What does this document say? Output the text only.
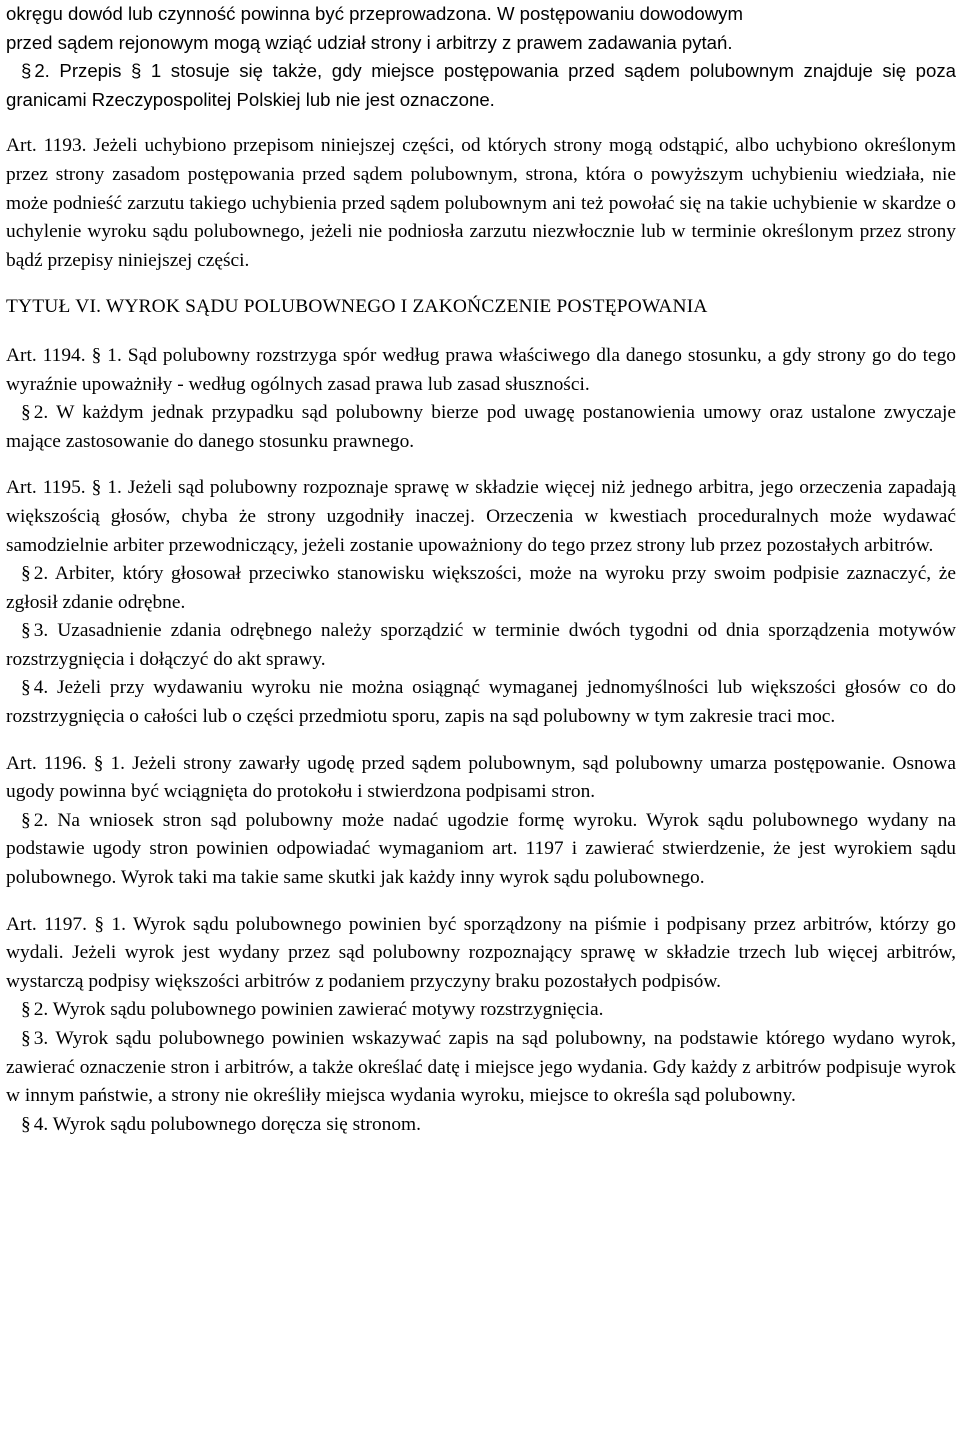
okręgu dowód lub czynność powinna być przeprowadzona. W postępowaniu dowodowym

przed sądem rejonowym mogą wziąć udział strony i arbitrzy z prawem zadawania pytań.

§ 2. Przepis § 1 stosuje się także, gdy miejsce postępowania przed sądem polubownym znajduje się poza granicami Rzeczypospolitej Polskiej lub nie jest oznaczone.

Art. 1193. Jeżeli uchybiono przepisom niniejszej części, od których strony mogą odstąpić, albo uchybiono określonym przez strony zasadom postępowania przed sądem polubownym, strona, która o powyższym uchybieniu wiedziała, nie może podnieść zarzutu takiego uchybienia przed sądem polubownym ani też powołać się na takie uchybienie w skardze o uchylenie wyroku sądu polubownego, jeżeli nie podniosła zarzutu niezwłocznie lub w terminie określonym przez strony bądź przepisy niniejszej części.

TYTUŁ VI. WYROK SĄDU POLUBOWNEGO I ZAKOŃCZENIE POSTĘPOWANIA

Art. 1194. § 1. Sąd polubowny rozstrzyga spór według prawa właściwego dla danego stosunku, a gdy strony go do tego wyraźnie upoważniły - według ogólnych zasad prawa lub zasad słuszności.

§ 2. W każdym jednak przypadku sąd polubowny bierze pod uwagę postanowienia umowy oraz ustalone zwyczaje mające zastosowanie do danego stosunku prawnego.

Art. 1195. § 1. Jeżeli sąd polubowny rozpoznaje sprawę w składzie więcej niż jednego arbitra, jego orzeczenia zapadają większością głosów, chyba że strony uzgodniły inaczej. Orzeczenia w kwestiach proceduralnych może wydawać samodzielnie arbiter przewodniczący, jeżeli zostanie upoważniony do tego przez strony lub przez pozostałych arbitrów.

§ 2. Arbiter, który głosował przeciwko stanowisku większości, może na wyroku przy swoim podpisie zaznaczyć, że zgłosił zdanie odrębne.

§ 3. Uzasadnienie zdania odrębnego należy sporządzić w terminie dwóch tygodni od dnia sporządzenia motywów rozstrzygnięcia i dołączyć do akt sprawy.

§ 4. Jeżeli przy wydawaniu wyroku nie można osiągnąć wymaganej jednomyślności lub większości głosów co do rozstrzygnięcia o całości lub o części przedmiotu sporu, zapis na sąd polubowny w tym zakresie traci moc.

Art. 1196. § 1. Jeżeli strony zawarły ugodę przed sądem polubownym, sąd polubowny umarza postępowanie. Osnowa ugody powinna być wciągnięta do protokołu i stwierdzona podpisami stron.

§ 2. Na wniosek stron sąd polubowny może nadać ugodzie formę wyroku. Wyrok sądu polubownego wydany na podstawie ugody stron powinien odpowiadać wymaganiom art. 1197 i zawierać stwierdzenie, że jest wyrokiem sądu polubownego. Wyrok taki ma takie same skutki jak każdy inny wyrok sądu polubownego.

Art. 1197. § 1. Wyrok sądu polubownego powinien być sporządzony na piśmie i podpisany przez arbitrów, którzy go wydali. Jeżeli wyrok jest wydany przez sąd polubowny rozpoznający sprawę w składzie trzech lub więcej arbitrów, wystarczą podpisy większości arbitrów z podaniem przyczyny braku pozostałych podpisów.

§ 2. Wyrok sądu polubownego powinien zawierać motywy rozstrzygnięcia.

§ 3. Wyrok sądu polubownego powinien wskazywać zapis na sąd polubowny, na podstawie którego wydano wyrok, zawierać oznaczenie stron i arbitrów, a także określać datę i miejsce jego wydania. Gdy każdy z arbitrów podpisuje wyrok w innym państwie, a strony nie określiły miejsca wydania wyroku, miejsce to określa sąd polubowny.

§ 4. Wyrok sądu polubownego doręcza się stronom.
